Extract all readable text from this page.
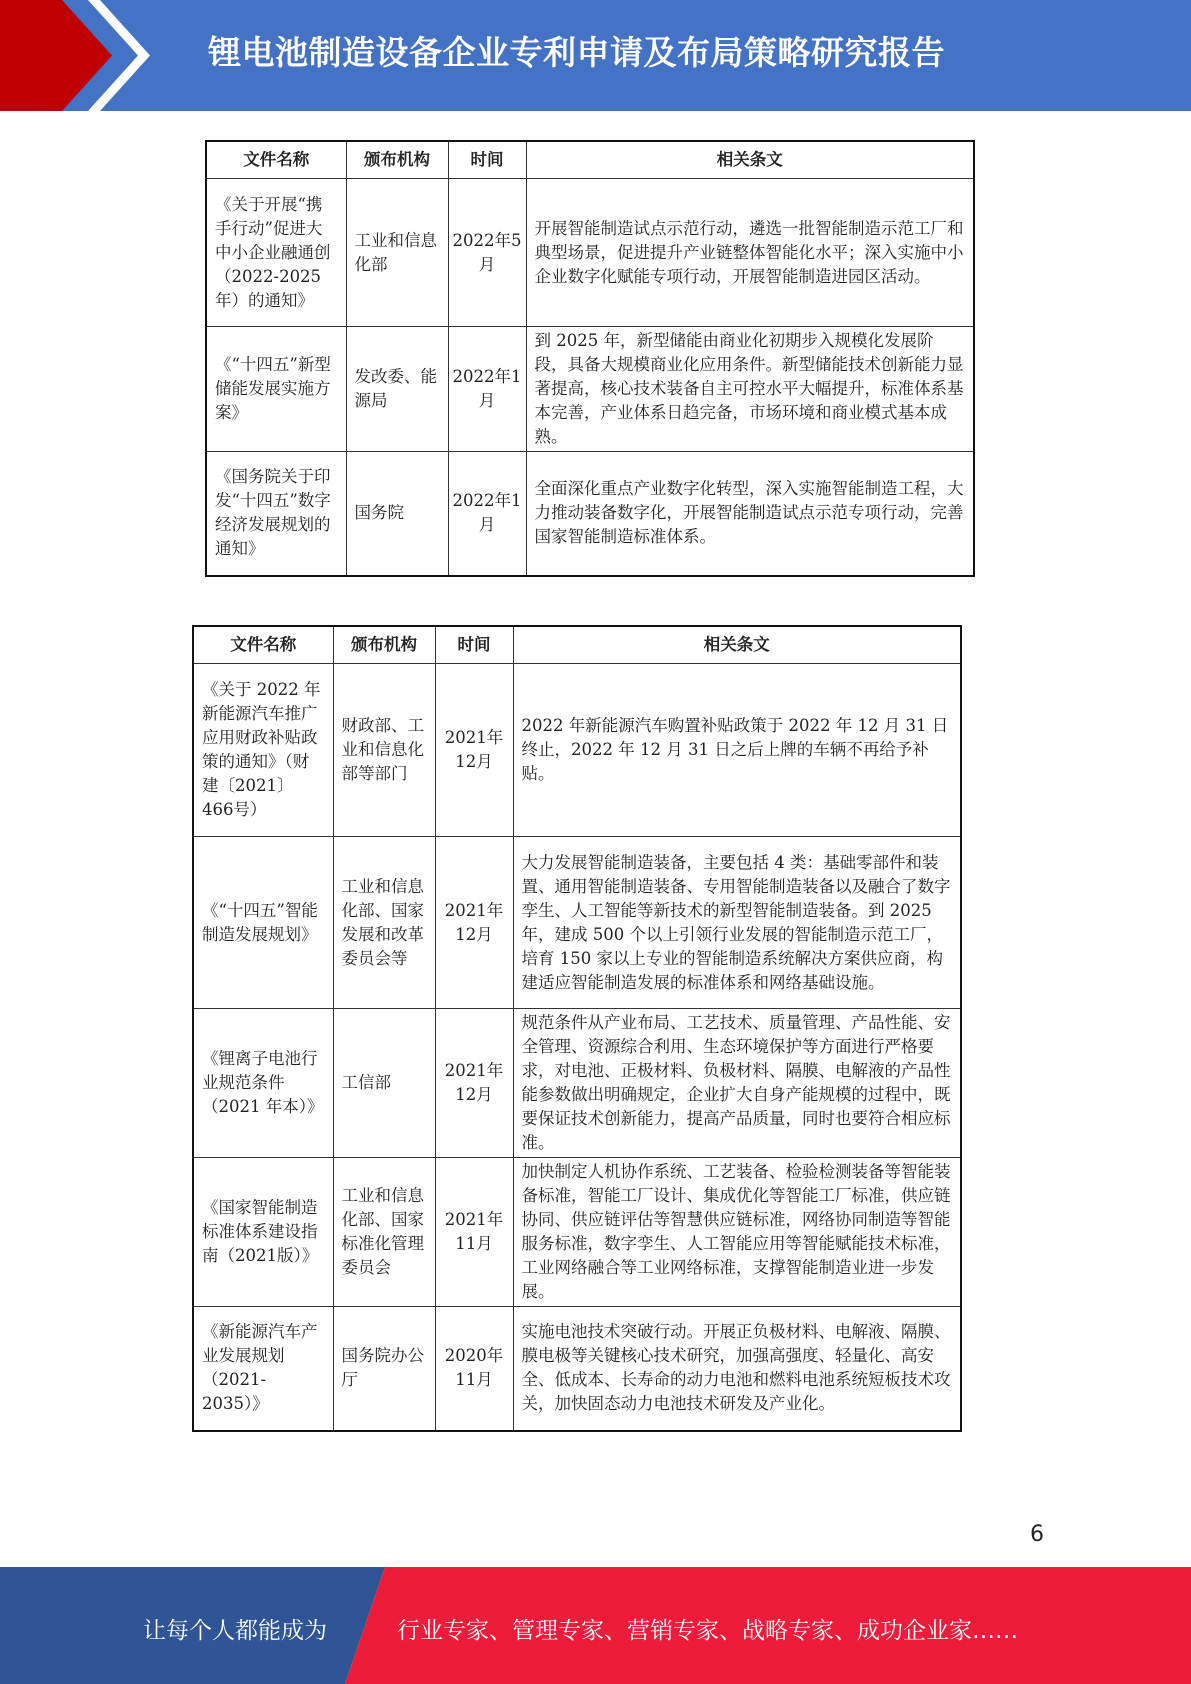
锂电池制造设备企业专利申请及布局策略研究报告
文件名称	颁布机构	时间	相关条文
《关于开展“携手行动”促进大中小企业融通创（2022-2025年）的通知》	工业和信息化部	2022年5月	开展智能制造试点示范行动，遴选一批智能制造示范工厂和典型场景，促进提升产业链整体智能化水平；深入实施中小企业数字化赋能专项行动，开展智能制造进园区活动。
《“十四五”新型储能发展实施方案》	发改委、能源局	2022年1月	到 2025 年，新型储能由商业化初期步入规模化发展阶段，具备大规模商业化应用条件。新型储能技术创新能力显著提高，核心技术装备自主可控水平大幅提升，标准体系基本完善，产业体系日趋完备，市场环境和商业模式基本成熟。
《国务院关于印发“十四五”数字经济发展规划的通知》	国务院	2022年1月	全面深化重点产业数字化转型，深入实施智能制造工程，大力推动装备数字化，开展智能制造试点示范专项行动，完善国家智能制造标准体系。
文件名称	颁布机构	时间	相关条文
《关于 2022 年新能源汽车推广应用财政补贴政策的通知》（财建〔2021〕466号）	财政部、工业和信息化部等部门	2021年12月	2022 年新能源汽车购置补贴政策于 2022 年 12 月 31 日终止，2022 年 12 月 31 日之后上牌的车辆不再给予补贴。
《“十四五”智能制造发展规划》	工业和信息化部、国家发展和改革委员会等	2021年12月	大力发展智能制造装备，主要包括 4 类：基础零部件和装置、通用智能制造装备、专用智能制造装备以及融合了数字孪生、人工智能等新技术的新型智能制造装备。到 2025 年，建成 500 个以上引领行业发展的智能制造示范工厂，培育 150 家以上专业的智能制造系统解决方案供应商，构建适应智能制造发展的标准体系和网络基础设施。
《锂离子电池行业规范条件（2021 年本）》	工信部	2021年12月	规范条件从产业布局、工艺技术、质量管理、产品性能、安全管理、资源综合利用、生态环境保护等方面进行严格要求，对电池、正极材料、负极材料、隔膜、电解液的产品性能参数做出明确规定，企业扩大自身产能规模的过程中，既要保证技术创新能力，提高产品质量，同时也要符合相应标准。
《国家智能制造标准体系建设指南（2021版）》	工业和信息化部、国家标准化管理委员会	2021年11月	加快制定人机协作系统、工艺装备、检验检测装备等智能装备标准，智能工厂设计、集成优化等智能工厂标准，供应链协同、供应链评估等智慧供应链标准，网络协同制造等智能服务标准，数字孪生、人工智能应用等智能赋能技术标准，工业网络融合等工业网络标准，支撑智能制造业进一步发展。
《新能源汽车产业发展规划（2021-2035）》	国务院办公厅	2020年11月	实施电池技术突破行动。开展正负极材料、电解液、隔膜、膜电极等关键核心技术研究，加强高强度、轻量化、高安全、低成本、长寿命的动力电池和燃料电池系统短板技术攻关，加快固态动力电池技术研发及产业化。
6
让每个人都能成为	行业专家、管理专家、营销专家、战略专家、成功企业家……
